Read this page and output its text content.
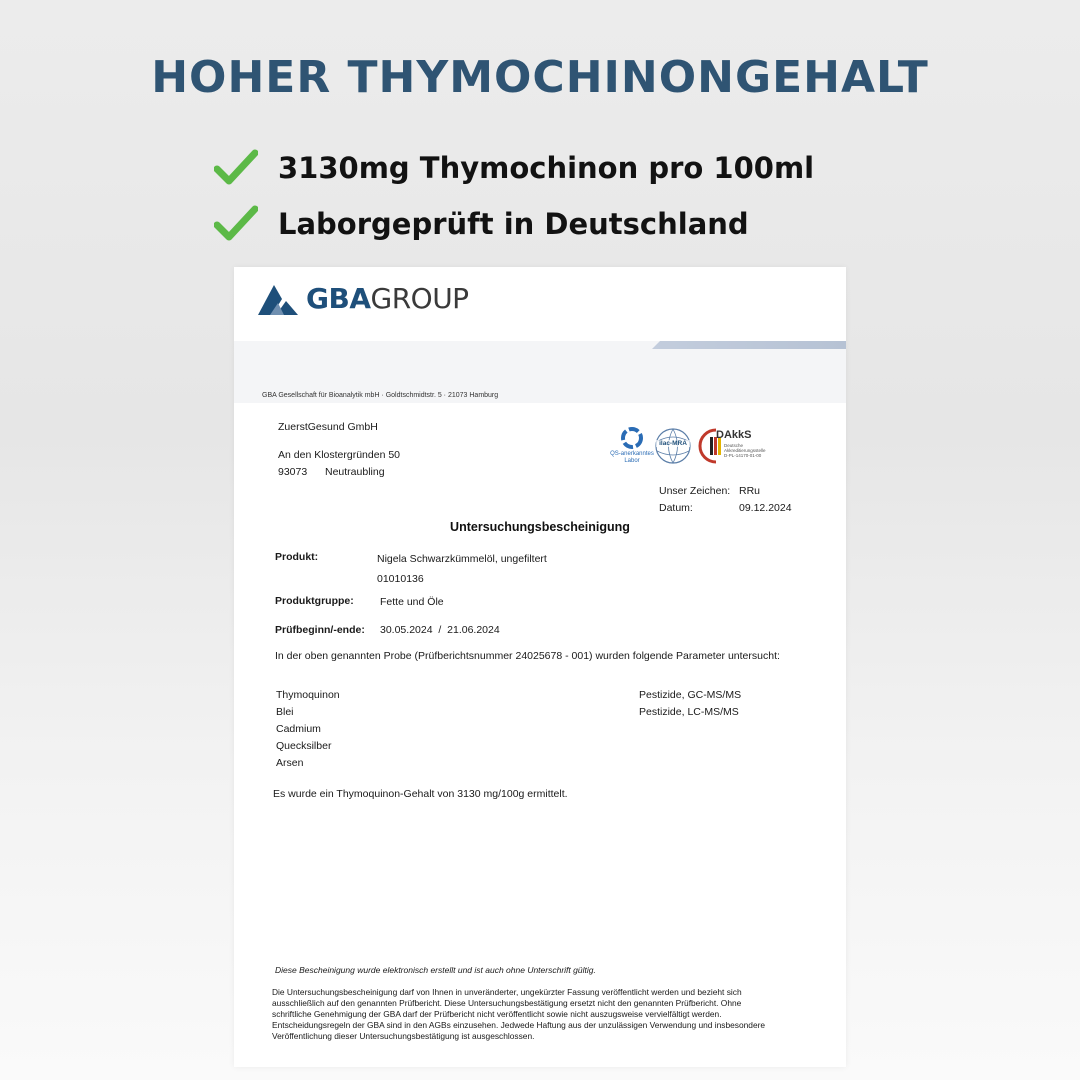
HOHER THYMOCHINONGEHALT
3130mg Thymochinon pro 100ml
Laborgeprüft in Deutschland
GBAGROUP
GBA Gesellschaft für Bioanalytik mbH · Goldtschmidtstr. 5 · 21073 Hamburg
ZuerstGesund GmbH
An den Klostergründen 50
93073 Neutraubling
QS-anerkanntes
Labor
ilac-MRA
DAkkS
Deutsche
Akkreditierungsstelle
D-PL-14170-01-00
Unser Zeichen: RRu
Datum:	09.12.2024
Untersuchungsbescheinigung
Produkt:	Nigela Schwarzkümmelöl, ungefiltert
01010136
Produktgruppe:	Fette und Öle
Prüfbeginn/-ende: 30.05.2024  /  21.06.2024
In der oben genannten Probe (Prüfberichtsnummer 24025678 - 001) wurden folgende Parameter untersucht:
Thymoquinon
Blei
Cadmium
Quecksilber
Arsen
Pestizide, GC-MS/MS
Pestizide, LC-MS/MS
Es wurde ein Thymoquinon-Gehalt von 3130 mg/100g ermittelt.
Diese Bescheinigung wurde elektronisch erstellt und ist auch ohne Unterschrift gültig.
Die Untersuchungsbescheinigung darf von Ihnen in unveränderter, ungekürzter Fassung veröffentlicht werden und bezieht sich
ausschließlich auf den genannten Prüfbericht. Diese Untersuchungsbestätigung ersetzt nicht den genannten Prüfbericht. Ohne
schriftliche Genehmigung der GBA darf der Prüfbericht nicht veröffentlicht sowie nicht auszugsweise vervielfältigt werden.
Entscheidungsregeln der GBA sind in den AGBs einzusehen. Jedwede Haftung aus der unzulässigen Verwendung und insbesondere
Veröffentlichung dieser Untersuchungsbestätigung ist ausgeschlossen.
